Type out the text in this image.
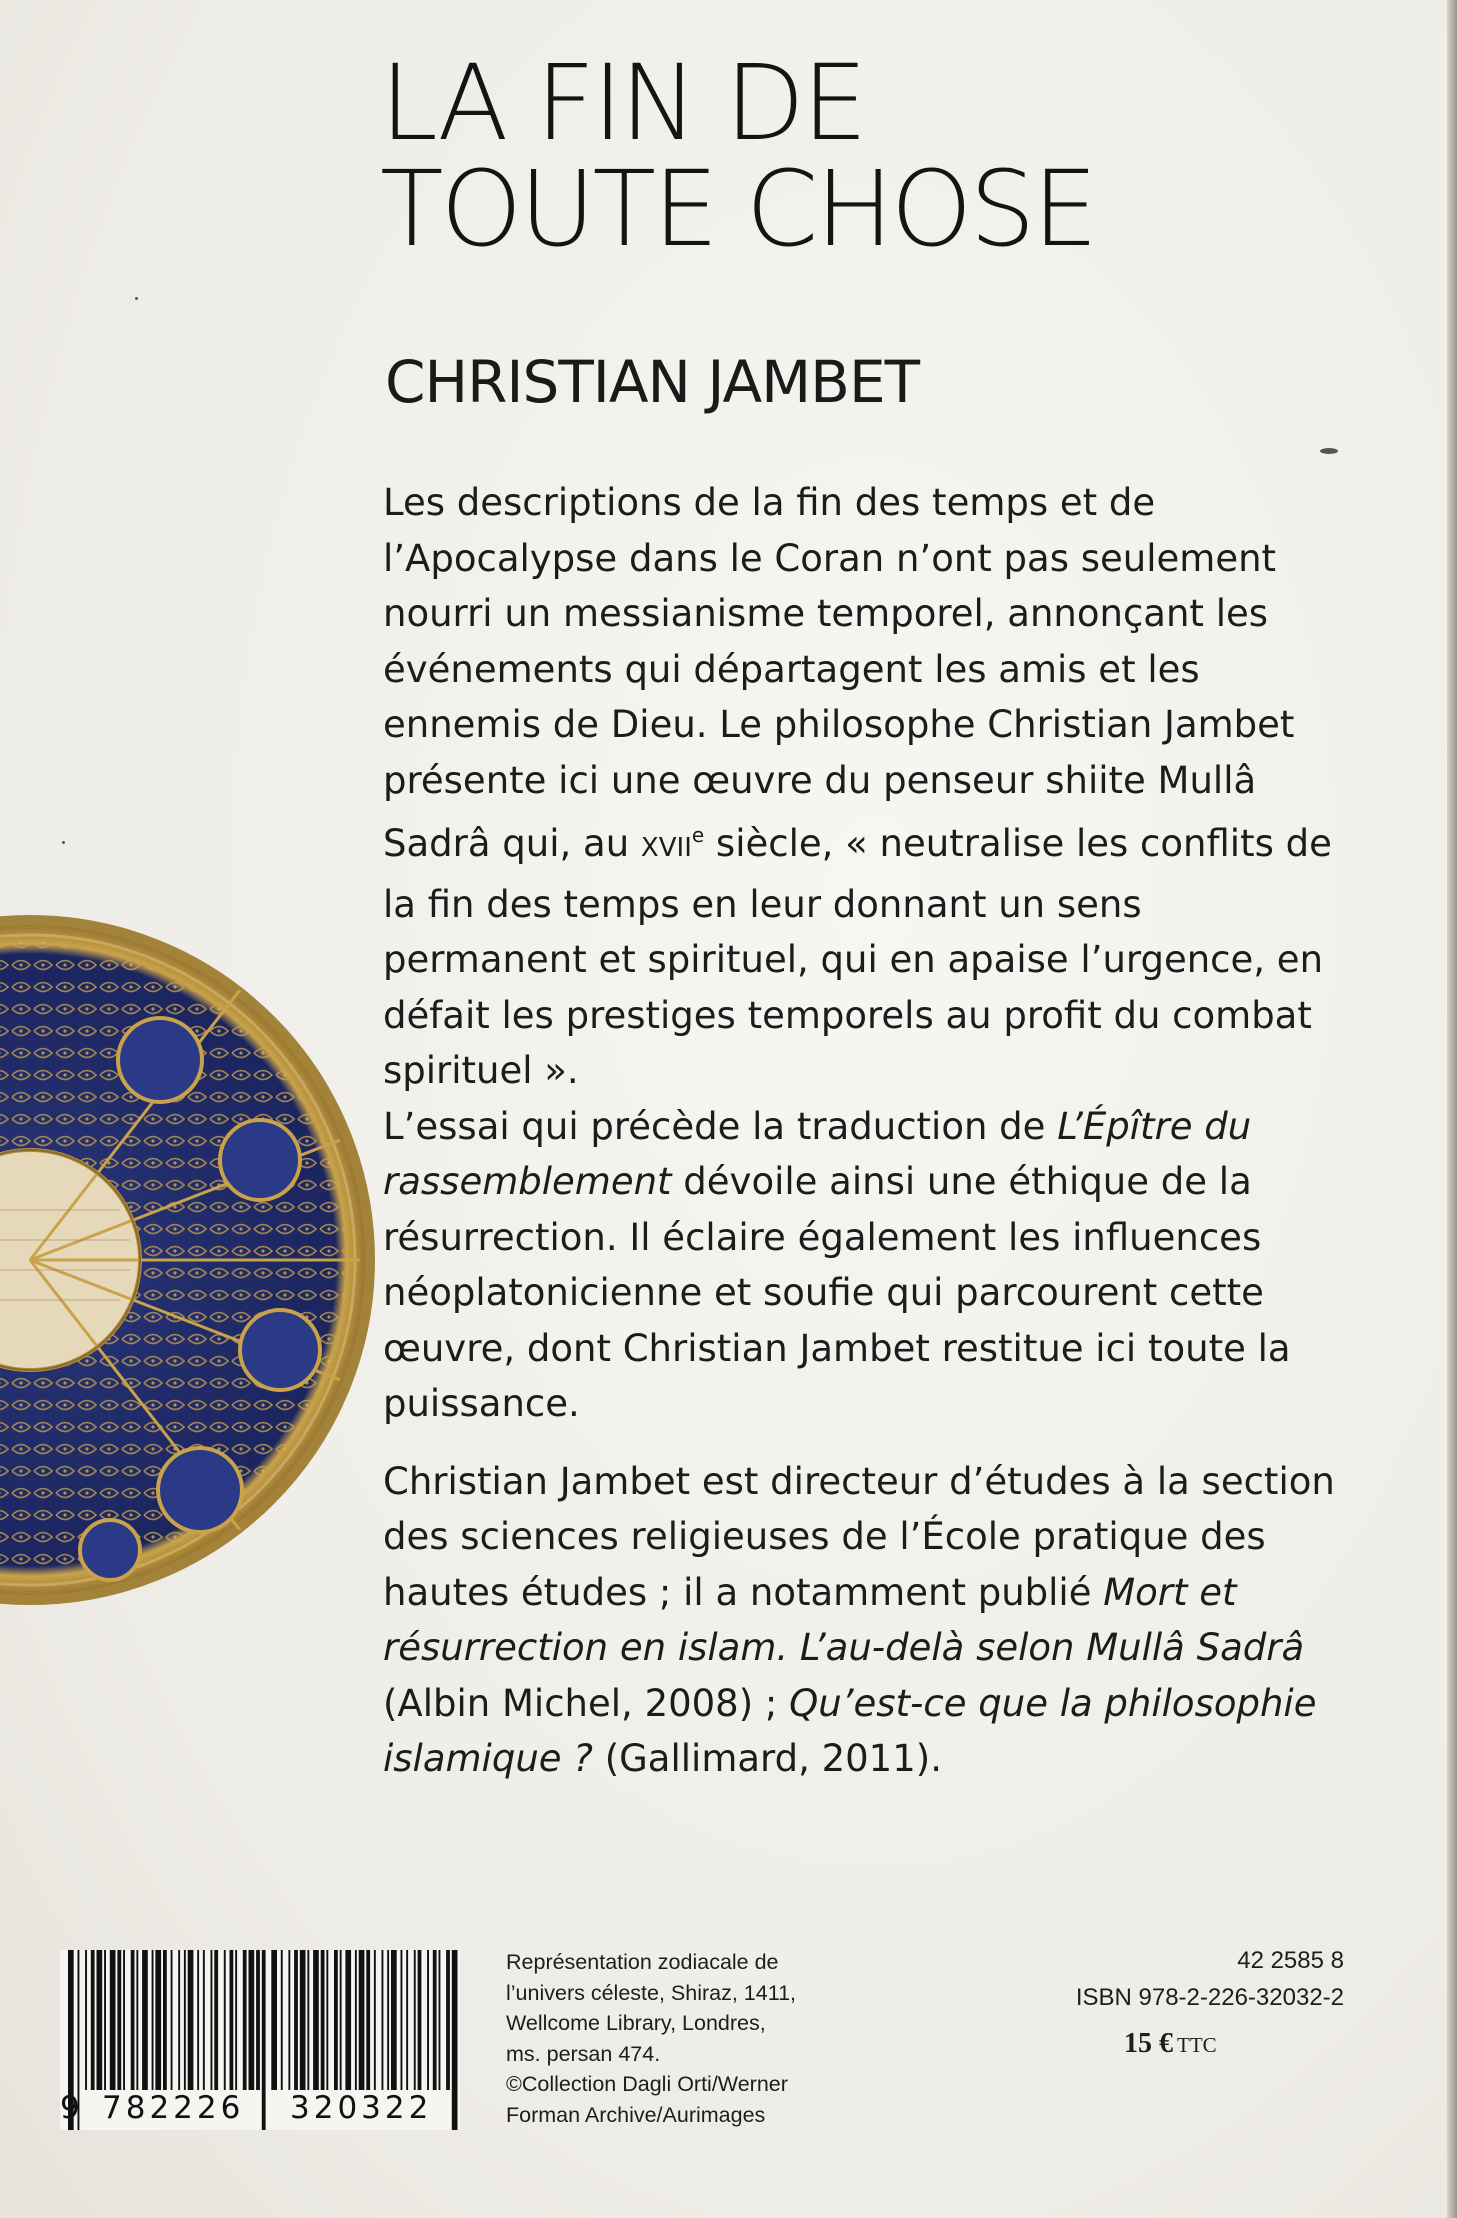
LA FIN DE
TOUTE CHOSE
CHRISTIAN JAMBET

Les descriptions de la fin des temps et de l’Apocalypse dans le Coran n’ont pas seulement nourri un messianisme temporel, annonçant les événements qui départagent les amis et les ennemis de Dieu. Le philosophe Christian Jambet présente ici une œuvre du penseur shiite Mullâ Sadrâ qui, au XVIIe siècle, « neutralise les conflits de la fin des temps en leur donnant un sens permanent et spirituel, qui en apaise l’urgence, en défait les prestiges temporels au profit du combat spirituel ».

L’essai qui précède la traduction de L’Épître du rassemblement dévoile ainsi une éthique de la résurrection. Il éclaire également les influences néoplatonicienne et soufie qui parcourent cette œuvre, dont Christian Jambet restitue ici toute la puissance.

Christian Jambet est directeur d’études à la section des sciences religieuses de l’École pratique des hautes études ; il a notamment publié Mort et résurrection en islam. L’au-delà selon Mullâ Sadrâ (Albin Michel, 2008) ; Qu’est-ce que la philosophie islamique ? (Gallimard, 2011).

9 782226 320322
Représentation zodiacale de
l’univers céleste, Shiraz, 1411,
Wellcome Library, Londres,
ms. persan 474.
©Collection Dagli Orti/Werner
Forman Archive/Aurimages
42 2585 8
ISBN 978-2-226-32032-2
15 € TTC
